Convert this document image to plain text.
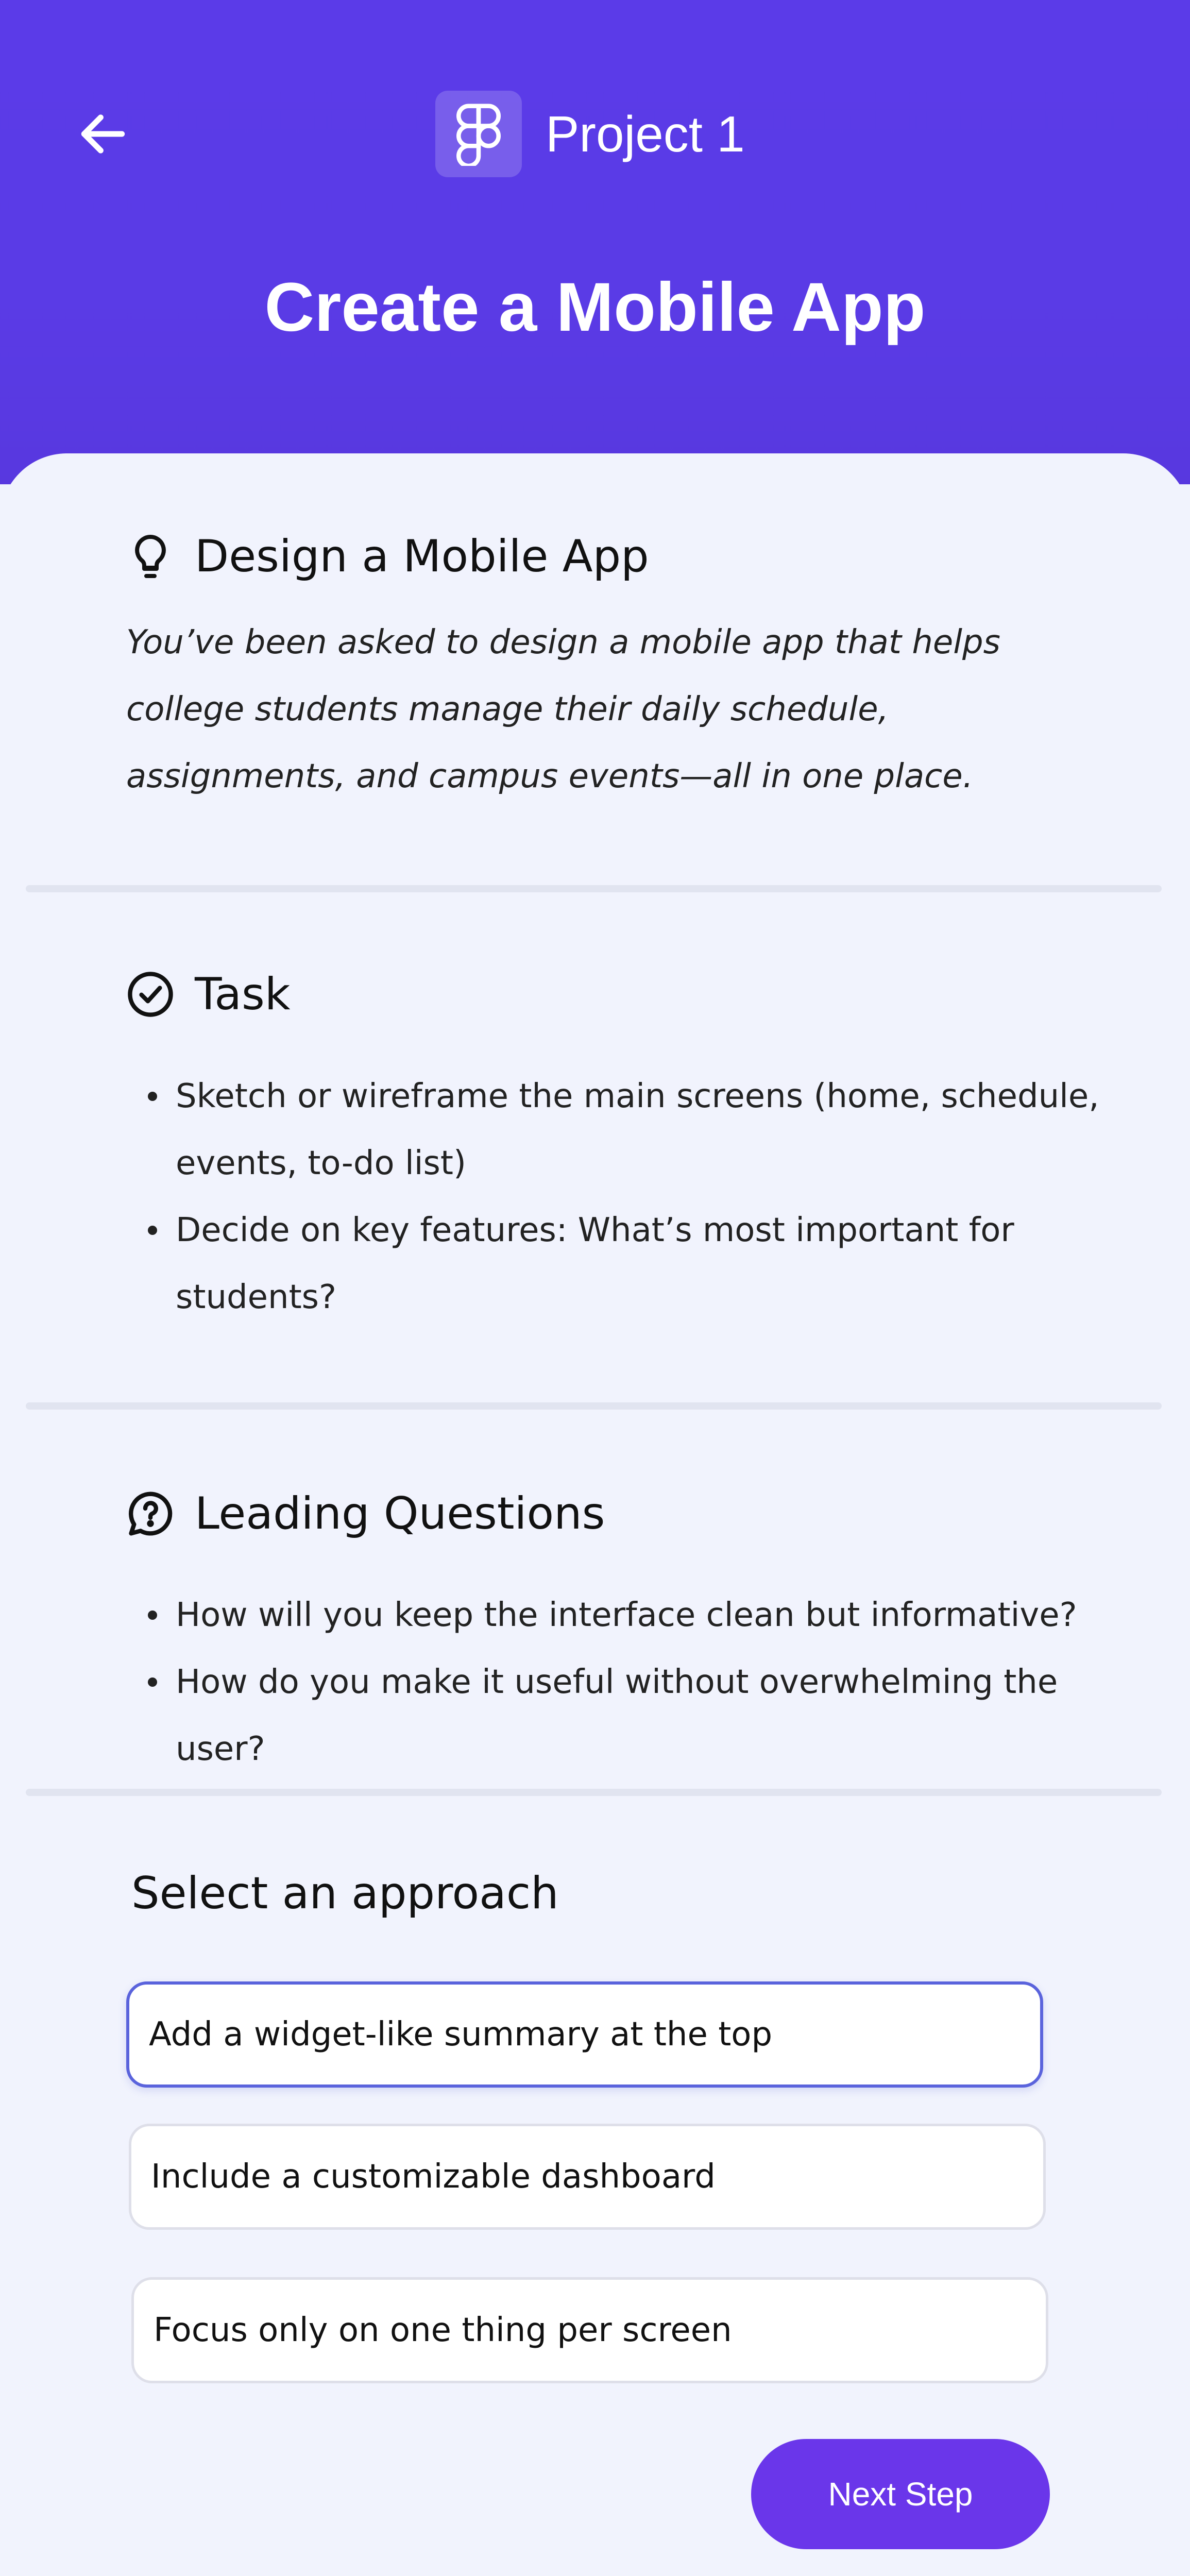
Project 1
Create a Mobile App
Design a Mobile App
You’ve been asked to design a mobile app that helps college students manage their daily schedule, assignments, and campus events—all in one place.
Task
Sketch or wireframe the main screens (home, schedule, events, to-do list)
Decide on key features: What’s most important for students?
Leading Questions
How will you keep the interface clean but informative?
How do you make it useful without overwhelming the user?
Select an approach
Add a widget-like summary at the top
Include a customizable dashboard
Focus only on one thing per screen
Next Step
